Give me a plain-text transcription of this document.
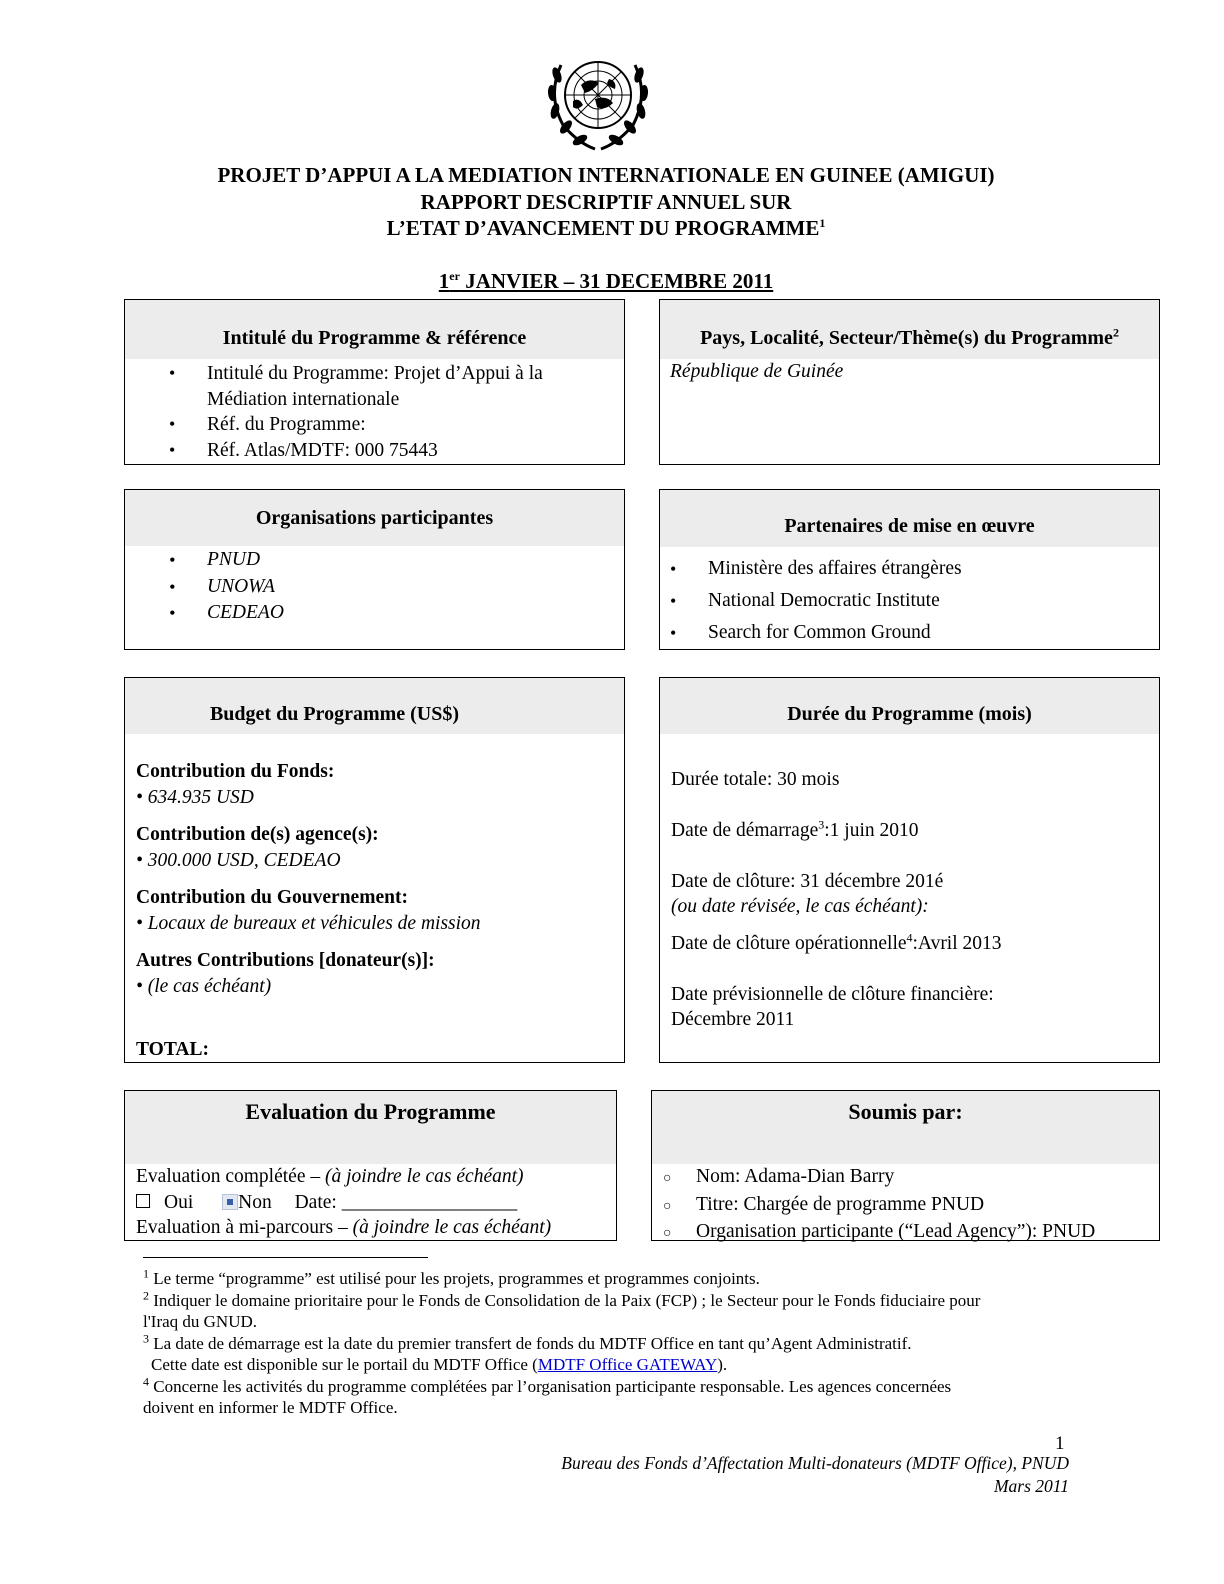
PROJET D’APPUI A LA MEDIATION INTERNATIONALE EN GUINEE (AMIGUI)
RAPPORT DESCRIPTIF ANNUEL SUR
L’ETAT D’AVANCEMENT DU PROGRAMME$^1$
1er JANVIER – 31 DECEMBRE 2011
Intitulé du Programme & référence
• Intitulé du Programme: Projet d’Appui à la Médiation internationale
• Réf. du Programme:
• Réf. Atlas/MDTF: 000 75443
Pays, Localité, Secteur/Thème(s) du Programme$^2$
République de Guinée
Organisations participantes
• PNUD
• UNOWA
• CEDEAO
Partenaires de mise en œuvre
• Ministère des affaires étrangères
• National Democratic Institute
• Search for Common Ground
Budget du Programme (US$)
Contribution du Fonds:
• 634.935 USD
Contribution de(s) agence(s):
• 300.000 USD, CEDEAO
Contribution du Gouvernement:
• Locaux de bureaux et véhicules de mission
Autres Contributions [donateur(s)]:
• (le cas échéant)
TOTAL:
Durée du Programme (mois)
Durée totale: 30 mois
Date de démarrage$^3$:1 juin 2010
Date de clôture: 31 décembre 201é
(ou date révisée, le cas échéant):
Date de clôture opérationnelle$^4$:Avril 2013
Date prévisionnelle de clôture financière:
Décembre 2011
Evaluation du Programme
Evaluation complétée – (à joindre le cas échéant)
Oui Non Date: __________________
Evaluation à mi-parcours – (à joindre le cas échéant)
Soumis par:
○ Nom: Adama-Dian Barry
○ Titre: Chargée de programme PNUD
○ Organisation participante (“Lead Agency”): PNUD
$^1$ Le terme “programme” est utilisé pour les projets, programmes et programmes conjoints.
$^2$ Indiquer le domaine prioritaire pour le Fonds de Consolidation de la Paix (FCP) ; le Secteur pour le Fonds fiduciaire pour l'Iraq du GNUD.
$^3$ La date de démarrage est la date du premier transfert de fonds du MDTF Office en tant qu’Agent Administratif.
Cette date est disponible sur le portail du MDTF Office (MDTF Office GATEWAY).
$^4$ Concerne les activités du programme complétées par l’organisation participante responsable. Les agences concernées doivent en informer le MDTF Office.
1
Bureau des Fonds d’Affectation Multi-donateurs (MDTF Office), PNUD
Mars 2011
